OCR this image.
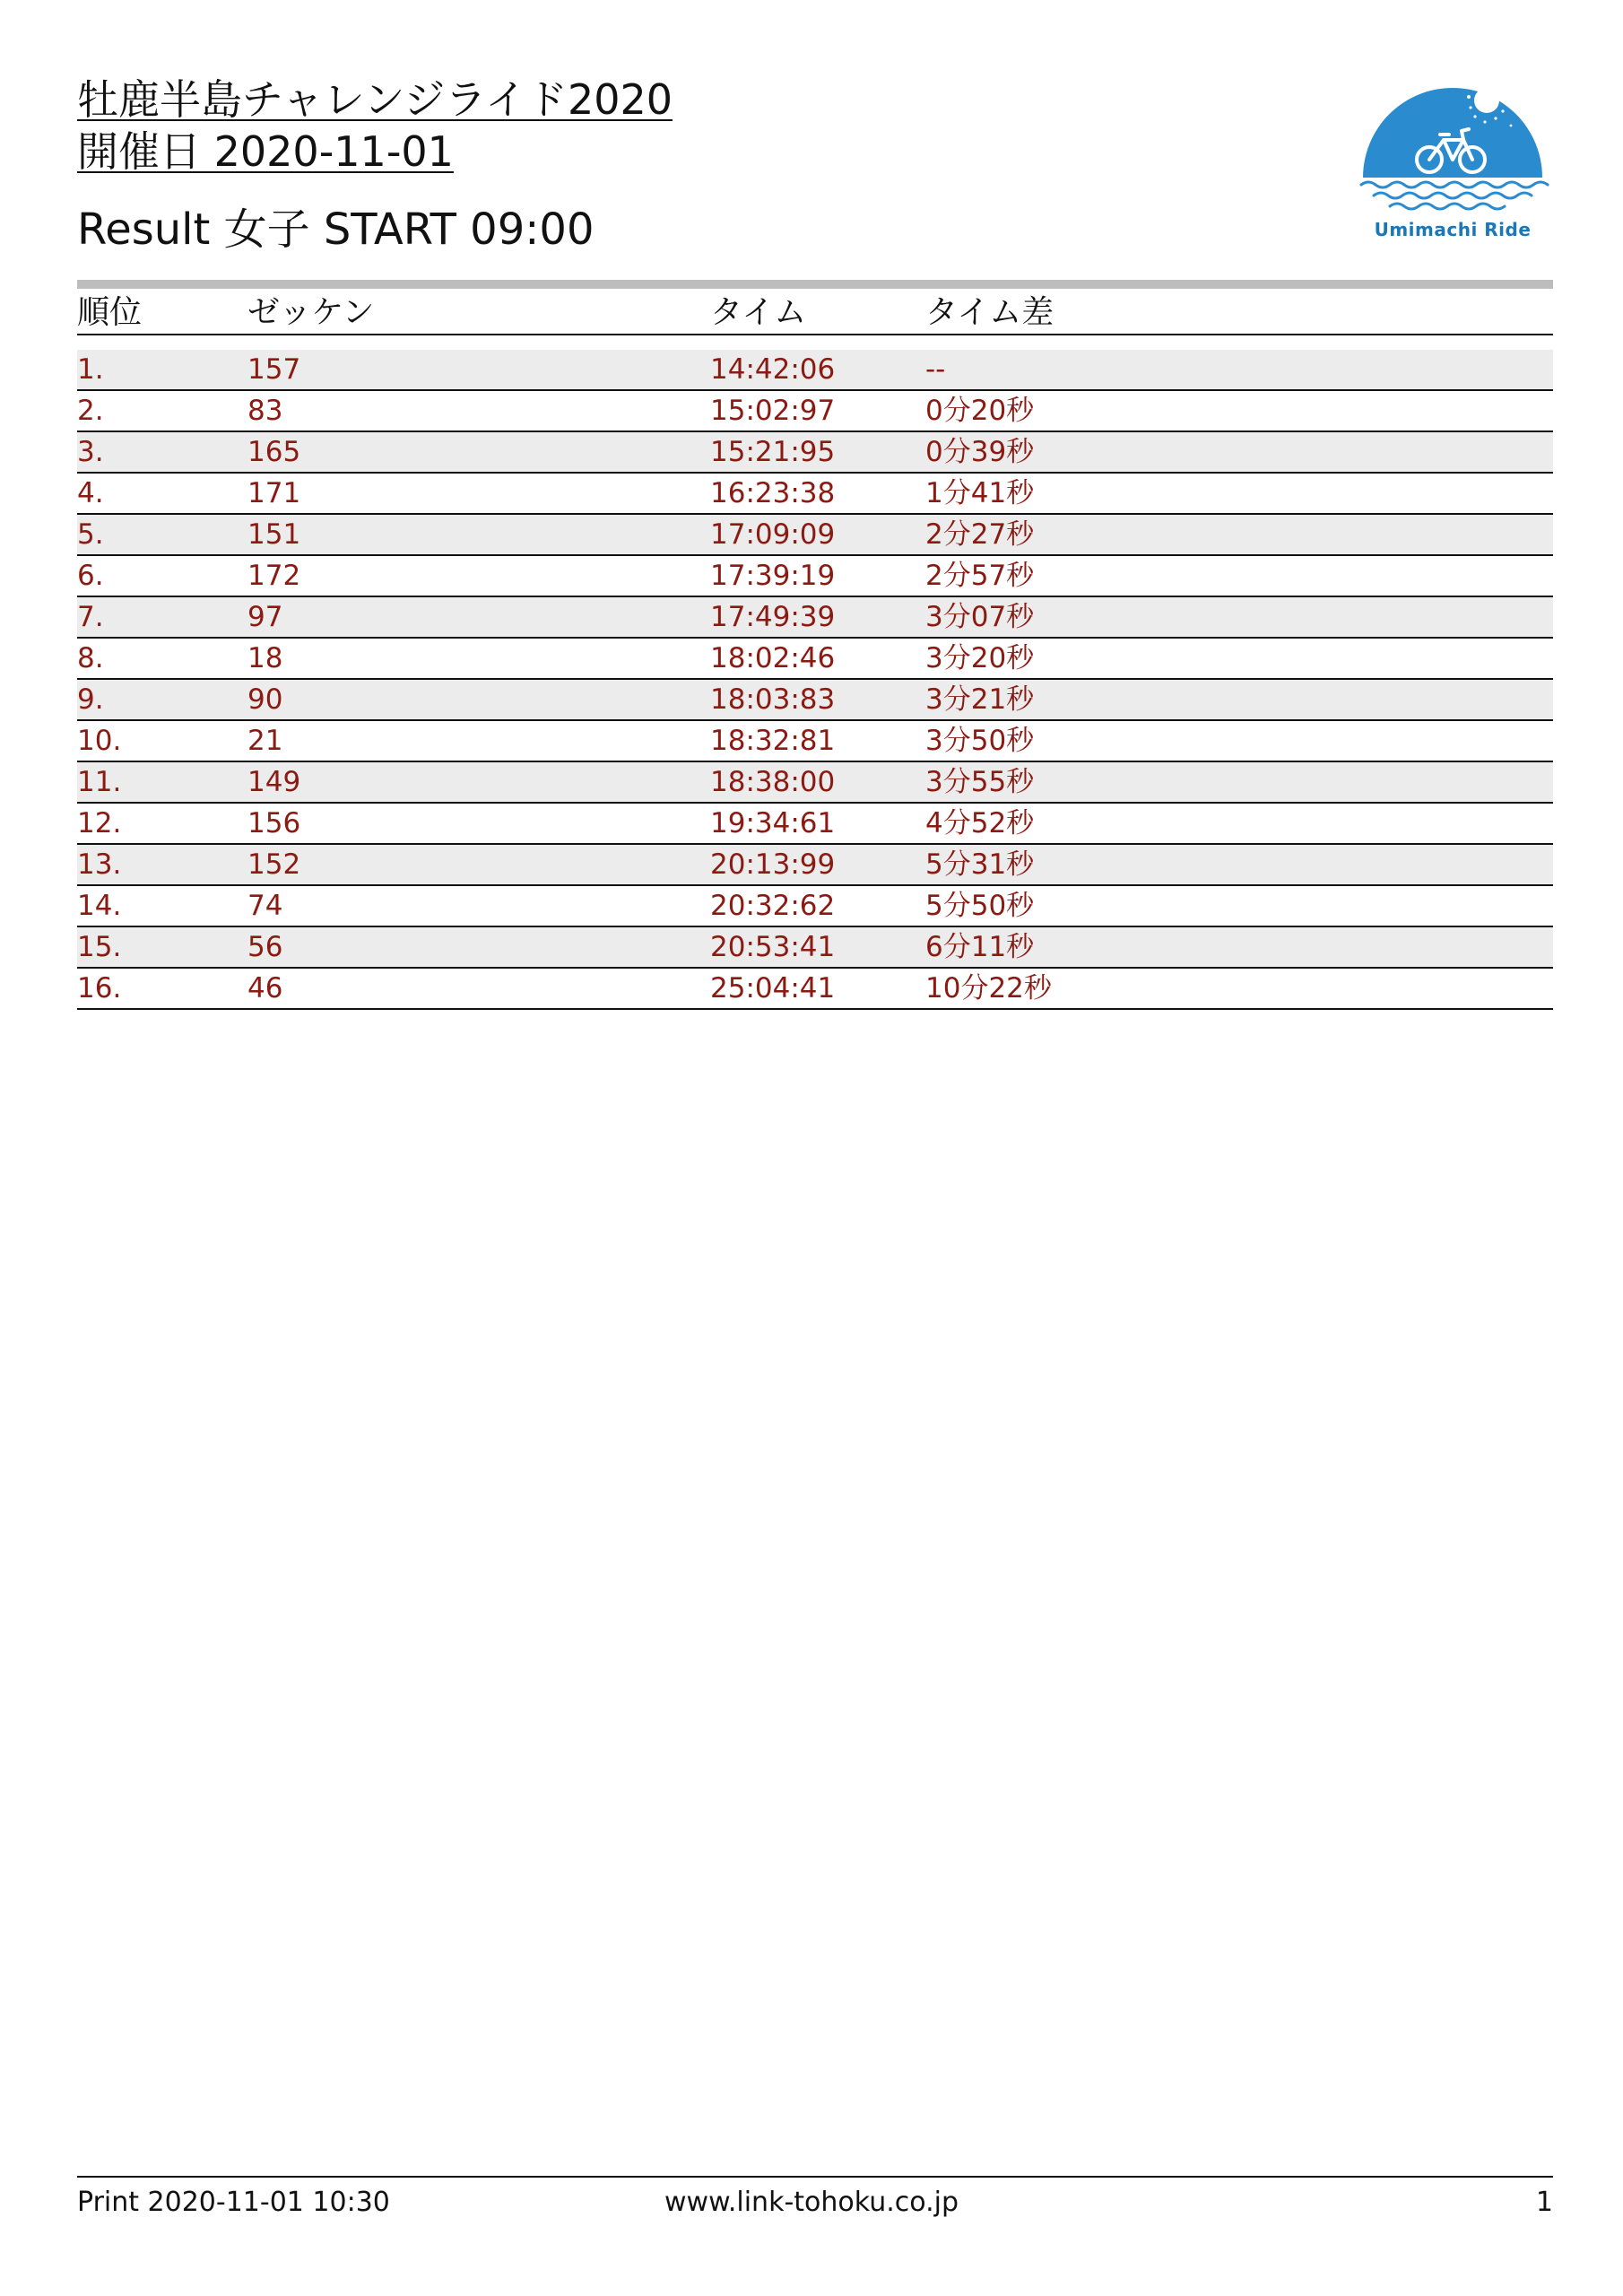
牡鹿半島チャレンジライド2020
開催日 2020-11-01
Result 女子 START 09:00	Umimachi Ride
順位	ゼッケン	タイム	タイム差
1.	157	14:42:06	--
2.	83	15:02:97	0分20秒
3.	165	15:21:95	0分39秒
4.	171	16:23:38	1分41秒
5.	151	17:09:09	2分27秒
6.	172	17:39:19	2分57秒
7.	97	17:49:39	3分07秒
8.	18	18:02:46	3分20秒
9.	90	18:03:83	3分21秒
10.	21	18:32:81	3分50秒
11.	149	18:38:00	3分55秒
12.	156	19:34:61	4分52秒
13.	152	20:13:99	5分31秒
14.	74	20:32:62	5分50秒
15.	56	20:53:41	6分11秒
16.	46	25:04:41	10分22秒
Print 2020-11-01 10:30	www.link-tohoku.co.jp	1
